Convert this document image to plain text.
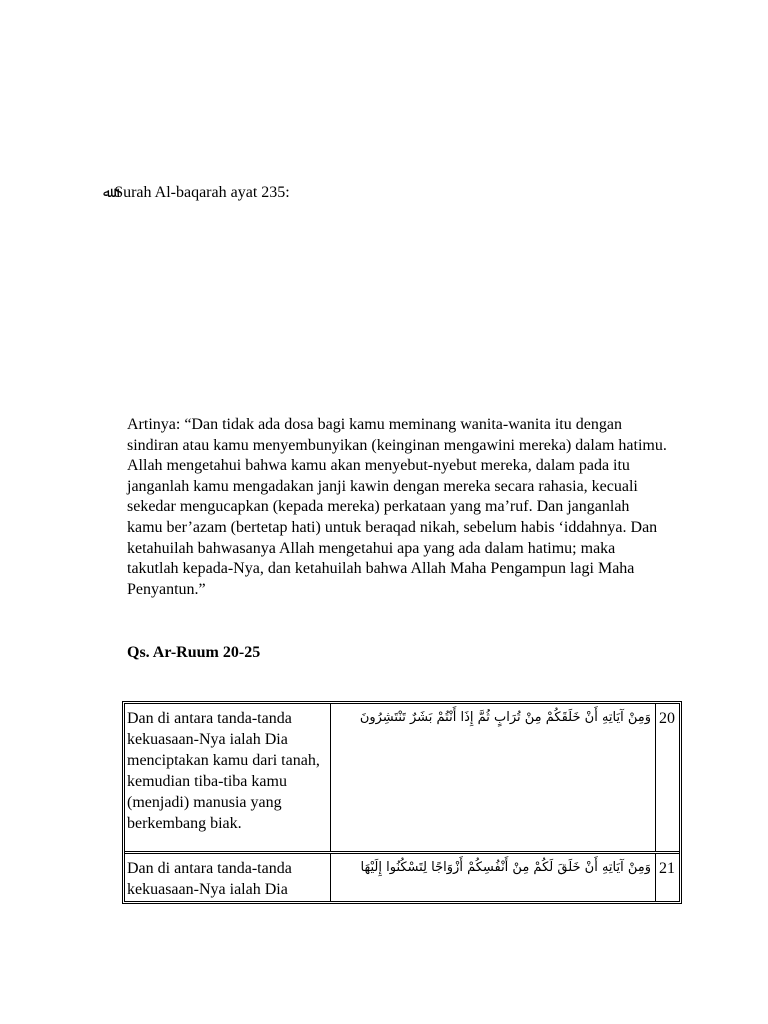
ﷲ Surah Al-baqarah ayat 235:

Artinya: “Dan tidak ada dosa bagi kamu meminang wanita-wanita itu dengan sindiran atau kamu menyembunyikan (keinginan mengawini mereka) dalam hatimu. Allah mengetahui bahwa kamu akan menyebut-nyebut mereka, dalam pada itu janganlah kamu mengadakan janji kawin dengan mereka secara rahasia, kecuali sekedar mengucapkan (kepada mereka) perkataan yang ma’ruf. Dan janganlah kamu ber’azam (bertetap hati) untuk beraqad nikah, sebelum habis ‘iddahnya. Dan ketahuilah bahwasanya Allah mengetahui apa yang ada dalam hatimu; maka takutlah kepada-Nya, dan ketahuilah bahwa Allah Maha Pengampun lagi Maha Penyantun.”

Qs. Ar-Ruum 20-25

Dan di antara tanda-tanda kekuasaan-Nya ialah Dia menciptakan kamu dari tanah, kemudian tiba-tiba kamu (menjadi) manusia yang berkembang biak.
وَمِنْ آيَاتِهِ أَنْ خَلَقَكُمْ مِنْ تُرَابٍ ثُمَّ إِذَا أَنْتُمْ بَشَرٌ تَنْتَشِرُونَ 20
Dan di antara tanda-tanda kekuasaan-Nya ialah Dia
وَمِنْ آيَاتِهِ أَنْ خَلَقَ لَكُمْ مِنْ أَنْفُسِكُمْ أَزْوَاجًا لِتَسْكُنُوا إِلَيْهَا 21
